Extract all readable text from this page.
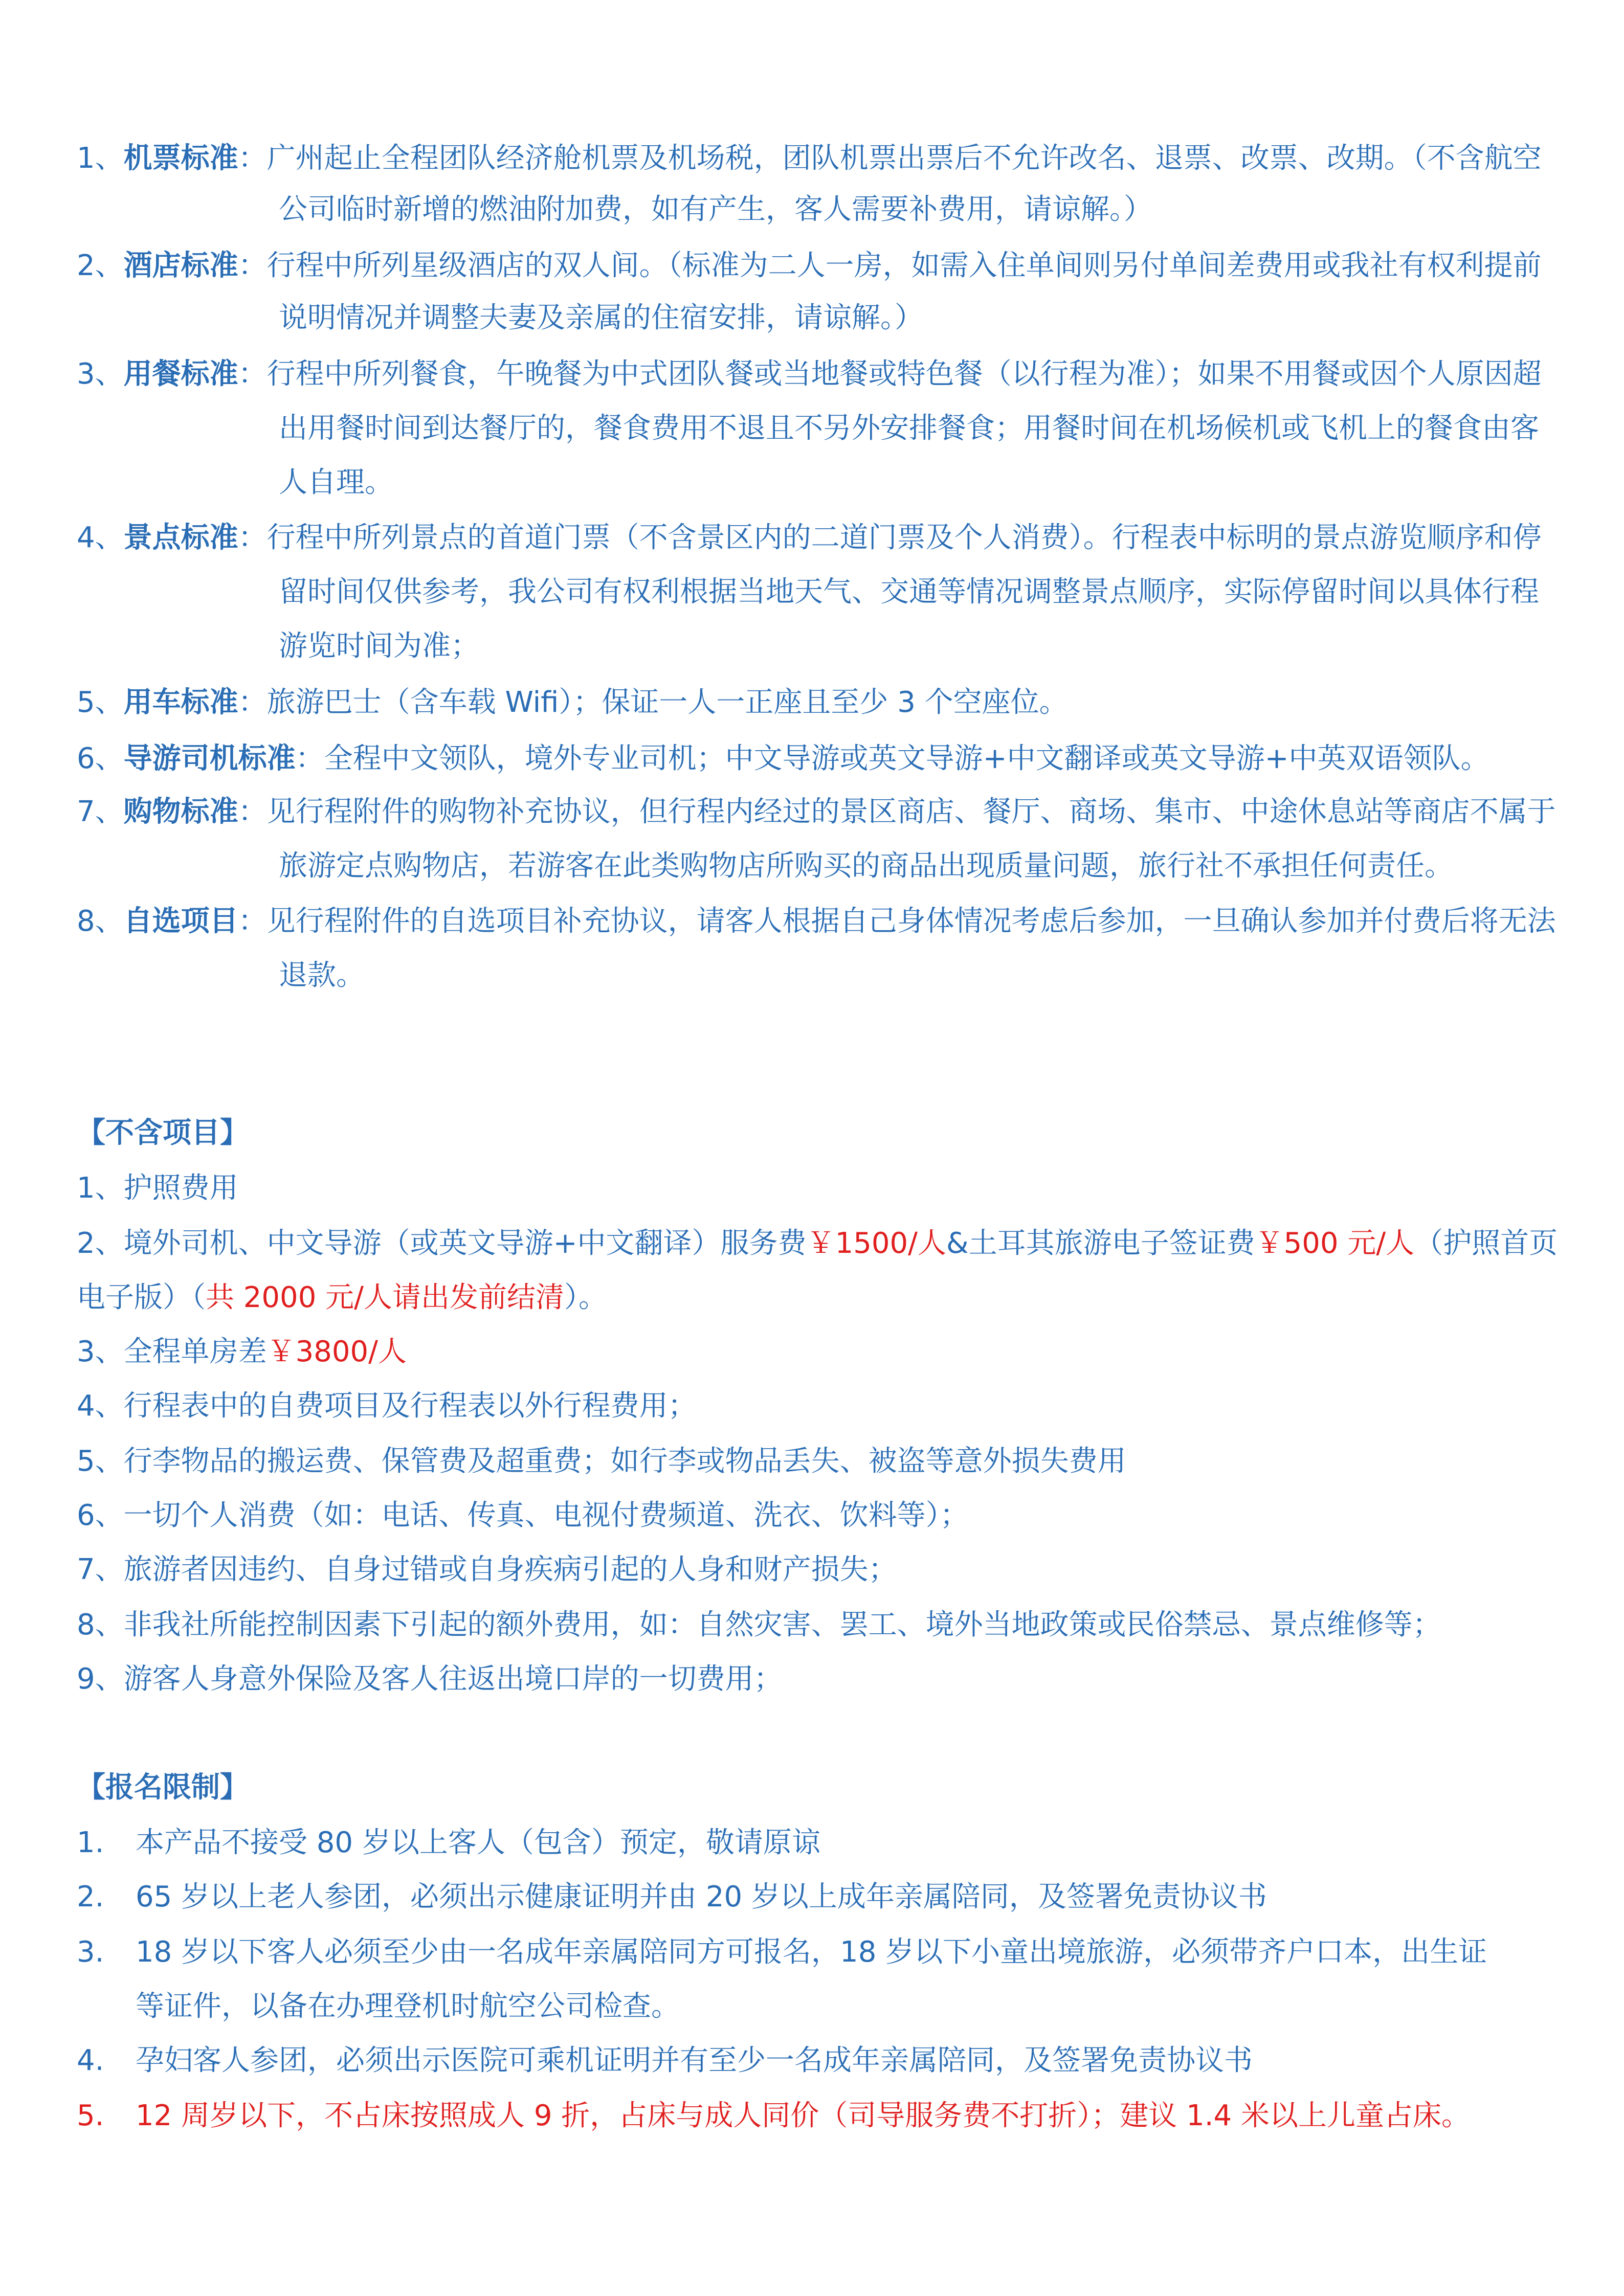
1、机票标准：广州起止全程团队经济舱机票及机场税，团队机票出票后不允许改名、退票、改票、改期。（不含航空
公司临时新增的燃油附加费，如有产生，客人需要补费用，请谅解。）
2、酒店标准：行程中所列星级酒店的双人间。（标准为二人一房，如需入住单间则另付单间差费用或我社有权利提前
说明情况并调整夫妻及亲属的住宿安排，请谅解。）
3、用餐标准：行程中所列餐食，午晚餐为中式团队餐或当地餐或特色餐（以行程为准）；如果不用餐或因个人原因超
出用餐时间到达餐厅的，餐食费用不退且不另外安排餐食；用餐时间在机场候机或飞机上的餐食由客
人自理。
4、景点标准：行程中所列景点的首道门票（不含景区内的二道门票及个人消费）。行程表中标明的景点游览顺序和停
留时间仅供参考，我公司有权利根据当地天气、交通等情况调整景点顺序，实际停留时间以具体行程
游览时间为准；
5、用车标准：旅游巴士（含车载 Wifi）；保证一人一正座且至少 3 个空座位。
6、导游司机标准：全程中文领队，境外专业司机；中文导游或英文导游+中文翻译或英文导游+中英双语领队。
7、购物标准：见行程附件的购物补充协议，但行程内经过的景区商店、餐厅、商场、集市、中途休息站等商店不属于
旅游定点购物店，若游客在此类购物店所购买的商品出现质量问题，旅行社不承担任何责任。
8、自选项目：见行程附件的自选项目补充协议，请客人根据自己身体情况考虑后参加，一旦确认参加并付费后将无法
退款。
【不含项目】
1、护照费用
2、境外司机、中文导游（或英文导游+中文翻译）服务费￥1500/人&土耳其旅游电子签证费￥500 元/人（护照首页
电子版）（共 2000 元/人请出发前结清）。
3、全程单房差￥3800/人
4、行程表中的自费项目及行程表以外行程费用；
5、行李物品的搬运费、保管费及超重费；如行李或物品丢失、被盗等意外损失费用
6、一切个人消费（如：电话、传真、电视付费频道、洗衣、饮料等）；
7、旅游者因违约、自身过错或自身疾病引起的人身和财产损失；
8、非我社所能控制因素下引起的额外费用，如：自然灾害、罢工、境外当地政策或民俗禁忌、景点维修等；
9、游客人身意外保险及客人往返出境口岸的一切费用；
【报名限制】
1. 本产品不接受 80 岁以上客人（包含）预定，敬请原谅
2. 65 岁以上老人参团，必须出示健康证明并由 20 岁以上成年亲属陪同，及签署免责协议书
3. 18 岁以下客人必须至少由一名成年亲属陪同方可报名，18 岁以下小童出境旅游，必须带齐户口本，出生证
等证件，以备在办理登机时航空公司检查。
4. 孕妇客人参团，必须出示医院可乘机证明并有至少一名成年亲属陪同，及签署免责协议书
5. 12 周岁以下，不占床按照成人 9 折，占床与成人同价（司导服务费不打折）；建议 1.4 米以上儿童占床。
